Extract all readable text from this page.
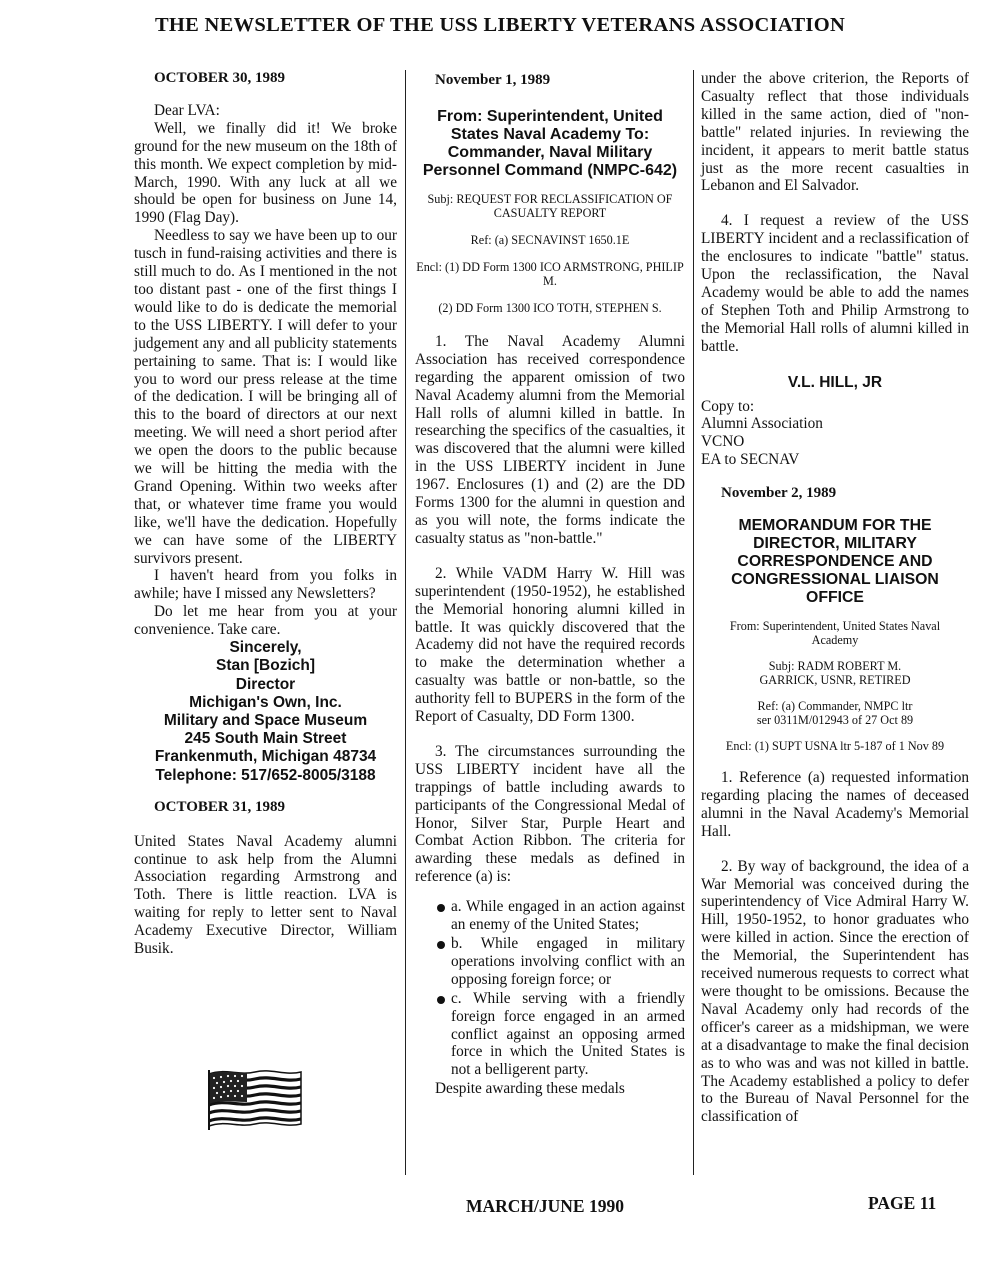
THE NEWSLETTER OF THE USS LIBERTY VETERANS ASSOCIATION
OCTOBER 30, 1989

Dear LVA:

Well, we finally did it! We broke ground for the new museum on the 18th of this month. We expect completion by mid-March, 1990. With any luck at all we should be open for business on June 14, 1990 (Flag Day).

Needless to say we have been up to our tusch in fund-raising activities and there is still much to do. As I mentioned in the not too distant past - one of the first things I would like to do is dedicate the memorial to the USS LIBERTY. I will defer to your judgement any and all publicity statements pertaining to same. That is: I would like you to word our press release at the time of the dedication. I will be bringing all of this to the board of directors at our next meeting. We will need a short period after we open the doors to the public because we will be hitting the media with the Grand Opening. Within two weeks after that, or whatever time frame you would like, we'll have the dedication. Hopefully we can have some of the LIBERTY survivors present.

I haven't heard from you folks in awhile; have I missed any Newsletters?

Do let me hear from you at your convenience. Take care.

Sincerely,
Stan [Bozich]
Director
Michigan's Own, Inc.
Military and Space Museum
245 South Main Street
Frankenmuth, Michigan 48734
Telephone: 517/652-8005/3188
OCTOBER 31, 1989

United States Naval Academy alumni continue to ask help from the Alumni Association regarding Armstrong and Toth. There is little reaction. LVA is waiting for reply to letter sent to Naval Academy Executive Director, William Busik.

November 1, 1989
From: Superintendent, United States Naval Academy To: Commander, Naval Military Personnel Command (NMPC-642)
Subj: REQUEST FOR RECLASSIFICATION OF CASUALTY REPORT
Ref: (a) SECNAVINST 1650.1E
Encl: (1) DD Form 1300 ICO ARMSTRONG, PHILIP M.
(2) DD Form 1300 ICO TOTH, STEPHEN S.

1. The Naval Academy Alumni Association has received correspondence regarding the apparent omission of two Naval Academy alumni from the Memorial Hall rolls of alumni killed in battle. In researching the specifics of the casualties, it was discovered that the alumni were killed in the USS LIBERTY incident in June 1967. Enclosures (1) and (2) are the DD Forms 1300 for the alumni in question and as you will note, the forms indicate the casualty status as "non-battle."

2. While VADM Harry W. Hill was superintendent (1950-1952), he established the Memorial honoring alumni killed in battle. It was quickly discovered that the Academy did not have the required records to make the determination whether a casualty was battle or non-battle, so the authority fell to BUPERS in the form of the Report of Casualty, DD Form 1300.

3. The circumstances surrounding the USS LIBERTY incident have all the trappings of battle including awards to participants of the Congressional Medal of Honor, Silver Star, Purple Heart and Combat Action Ribbon. The criteria for awarding these medals as defined in reference (a) is:

a. While engaged in an action against an enemy of the United States;
b. While engaged in military operations involving conflict with an opposing foreign force; or
c. While serving with a friendly foreign force engaged in an armed conflict against an opposing armed force in which the United States is not a belligerent party.

Despite awarding these medals

under the above criterion, the Reports of Casualty reflect that those individuals killed in the same action, died of "non-battle" related injuries. In reviewing the incident, it appears to merit battle status just as the more recent casualties in Lebanon and El Salvador.

4. I request a review of the USS LIBERTY incident and a reclassification of the enclosures to indicate "battle" status. Upon the reclassification, the Naval Academy would be able to add the names of Stephen Toth and Philip Armstrong to the Memorial Hall rolls of alumni killed in battle.

V.L. HILL, JR
Copy to:
Alumni Association
VCNO
EA to SECNAV
November 2, 1989
MEMORANDUM FOR THE DIRECTOR, MILITARY CORRESPONDENCE AND CONGRESSIONAL LIAISON OFFICE
From: Superintendent, United States Naval Academy
Subj: RADM ROBERT M. GARRICK, USNR, RETIRED
Ref: (a) Commander, NMPC ltr ser 0311M/012943 of 27 Oct 89
Encl: (1) SUPT USNA ltr 5-187 of 1 Nov 89

1. Reference (a) requested information regarding placing the names of deceased alumni in the Naval Academy's Memorial Hall.

2. By way of background, the idea of a War Memorial was conceived during the superintendency of Vice Admiral Harry W. Hill, 1950-1952, to honor graduates who were killed in action. Since the erection of the Memorial, the Superintendent has received numerous requests to correct what were thought to be omissions. Because the Naval Academy only had records of the officer's career as a midshipman, we were at a disadvantage to make the final decision as to who was and was not killed in battle. The Academy established a policy to defer to the Bureau of Naval Personnel for the classification of

MARCH/JUNE 1990	PAGE 11
